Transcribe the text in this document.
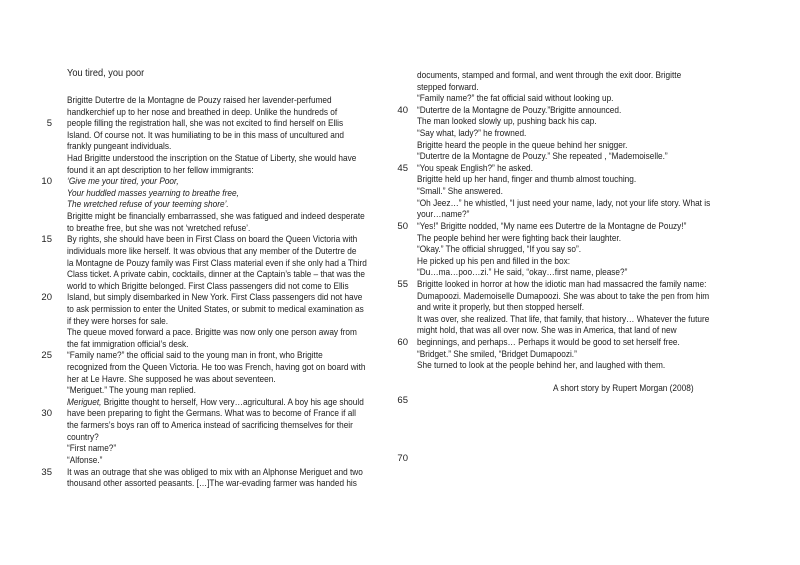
You tired, you poor
Brigitte Dutertre de la Montagne de Pouzy raised her lavender-perfumed
handkerchief up to her nose and breathed in deep. Unlike the hundreds of
5 people filling the registration hall, she was not excited to find herself on Ellis
Island. Of course not. It was humiliating to be in this mass of uncultured and
frankly pungeant individuals.
Had Brigitte understood the inscription on the Statue of Liberty, she would have
found it an apt description to her fellow immigrants:
10 ‘Give me your tired, your Poor,
Your huddled masses yearning to breathe free,
The wretched refuse of your teeming shore’.
Brigitte might be financially embarrassed, she was fatigued and indeed desperate
to breathe free, but she was not ‘wretched refuse’.
15 By rights, she should have been in First Class on board the Queen Victoria with
individuals more like herself. It was obvious that any member of the Dutertre de
la Montagne de Pouzy family was First Class material even if she only had a Third
Class ticket. A private cabin, cocktails, dinner at the Captain’s table – that was the
world to which Brigitte belonged. First Class passengers did not come to Ellis
20 Island, but simply disembarked in New York. First Class passengers did not have
to ask permission to enter the United States, or submit to medical examination as
if they were horses for sale.
The queue moved forward a pace. Brigitte was now only one person away from
the fat immigration official’s desk.
25 “Family name?” the official said to the young man in front, who Brigitte
recognized from the Queen Victoria. He too was French, having got on board with
her at Le Havre. She supposed he was about seventeen.
“Meriguet.” The young man replied.
Meriguet, Brigitte thought to herself, How very…agricultural. A boy his age should
30 have been preparing to fight the Germans. What was to become of France if all
the farmers’s boys ran off to America instead of sacrificing themselves for their
country?
“First name?”
“Alfonse.”
35 It was an outrage that she was obliged to mix with an Alphonse Meriguet and two
thousand other assorted peasants. […]The war-evading farmer was handed his
documents, stamped and formal, and went through the exit door. Brigitte
stepped forward.
“Family name?” the fat official said without looking up.
40 “Dutertre de la Montagne de Pouzy.”Brigitte announced.
The man looked slowly up, pushing back his cap.
“Say what, lady?” he frowned.
Brigitte heard the people in the queue behind her snigger.
“Dutertre de la Montagne de Pouzy.” She repeated , “Mademoiselle.”
45 “You speak English?” he asked.
Brigitte held up her hand, finger and thumb almost touching.
“Small.” She answered.
“Oh Jeez…” he whistled, “I just need your name, lady, not your life story. What is
your…name?”
50 “Yes!” Brigitte nodded, “My name ees Dutertre de la Montagne de Pouzy!”
The people behind her were fighting back their laughter.
“Okay.” The official shrugged, “If you say so”.
He picked up his pen and filled in the box:
“Du…ma…poo…zi.” He said, “okay…first name, please?”
55 Brigitte looked in horror at how the idiotic man had massacred the family name:
Dumapoozi. Mademoiselle Dumapoozi. She was about to take the pen from him
and write it properly, but then stopped herself.
It was over, she realized. That life, that family, that history… Whatever the future
might hold, that was all over now. She was in America, that land of new
60 beginnings, and perhaps… Perhaps it would be good to set herself free.
“Bridget.” She smiled, “Bridget Dumapoozi.”
She turned to look at the people behind her, and laughed with them.
A short story by Rupert Morgan (2008)
65
70
